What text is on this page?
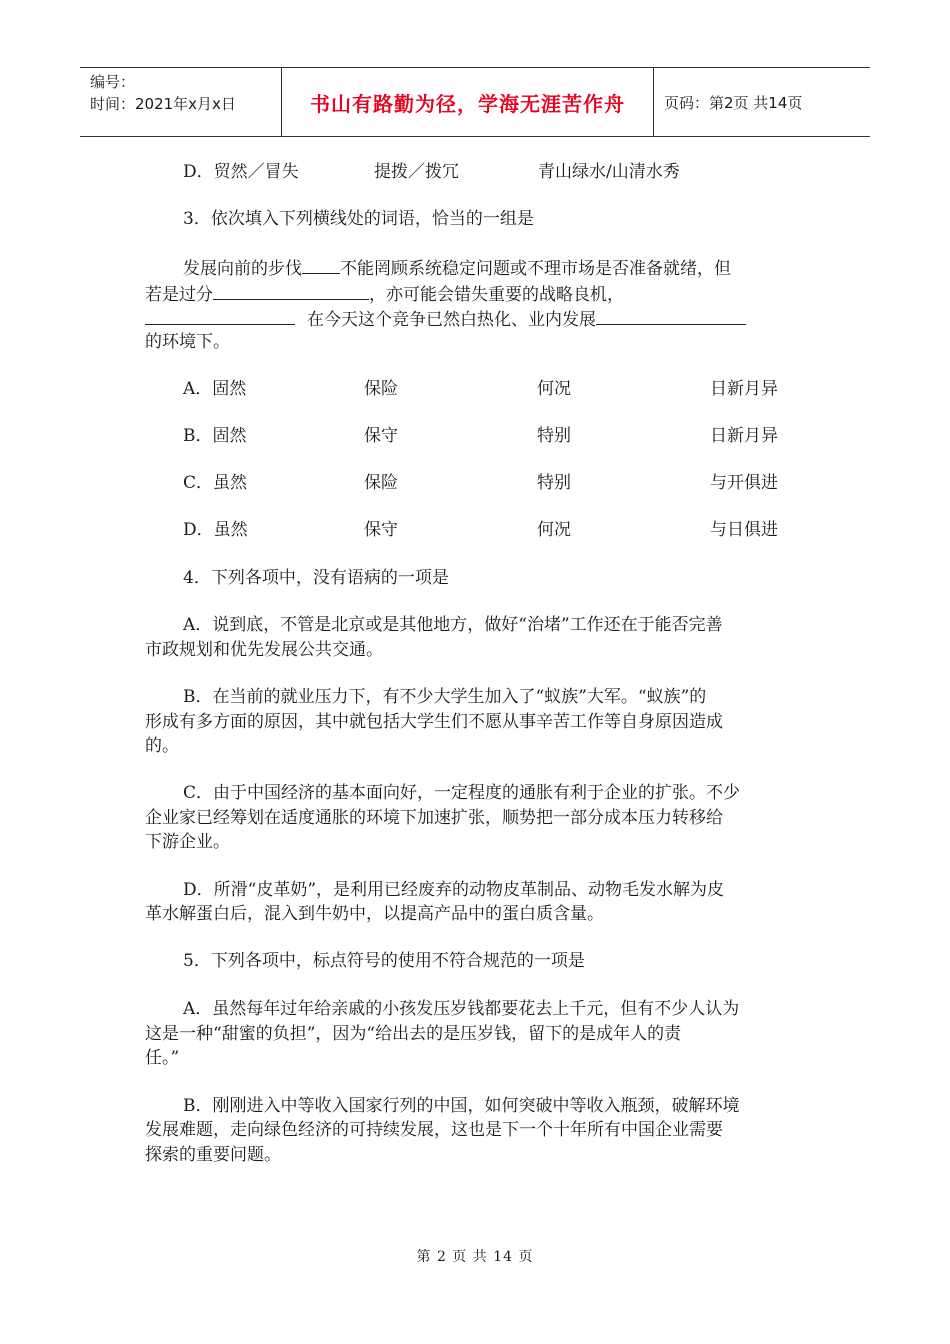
编号：
时间：2021年x月x日	书山有路勤为径，学海无涯苦作舟	页码：第2页 共14页
D．贸然／冒失	提拨／拨冗	青山绿水/山清水秀
3．依次填入下列横线处的词语，恰当的一组是
发展向前的步伐 不能罔顾系统稳定问题或不理市场是否准备就绪，但
若是过分	，亦可能会错失重要的战略良机，
在今天这个竞争已然白热化、业内发展
的环境下。
A．固然	保险	何况	日新月异
B．固然	保守	特别	日新月异
C．虽然	保险	特别	与开俱进
D．虽然	保守	何况	与日俱进
4．下列各项中，没有语病的一项是
A．说到底，不管是北京或是其他地方，做好“治堵”工作还在于能否完善
市政规划和优先发展公共交通。
B．在当前的就业压力下，有不少大学生加入了“蚁族”大军。“蚁族”的
形成有多方面的原因，其中就包括大学生们不愿从事辛苦工作等自身原因造成
的。
C．由于中国经济的基本面向好，一定程度的通胀有利于企业的扩张。不少
企业家已经筹划在适度通胀的环境下加速扩张，顺势把一部分成本压力转移给
下游企业。
D．所滑“皮革奶”，是利用已经废弃的动物皮革制品、动物毛发水解为皮
革水解蛋白后，混入到牛奶中，以提高产品中的蛋白质含量。
5．下列各项中，标点符号的使用不符合规范的一项是
A．虽然每年过年给亲戚的小孩发压岁钱都要花去上千元，但有不少人认为
这是一种“甜蜜的负担”，因为“给出去的是压岁钱，留下的是成年人的责
任。”
B．刚刚进入中等收入国家行列的中国，如何突破中等收入瓶颈，破解环境
发展难题，走向绿色经济的可持续发展，这也是下一个十年所有中国企业需要
探索的重要问题。
第 2 页 共 14 页
